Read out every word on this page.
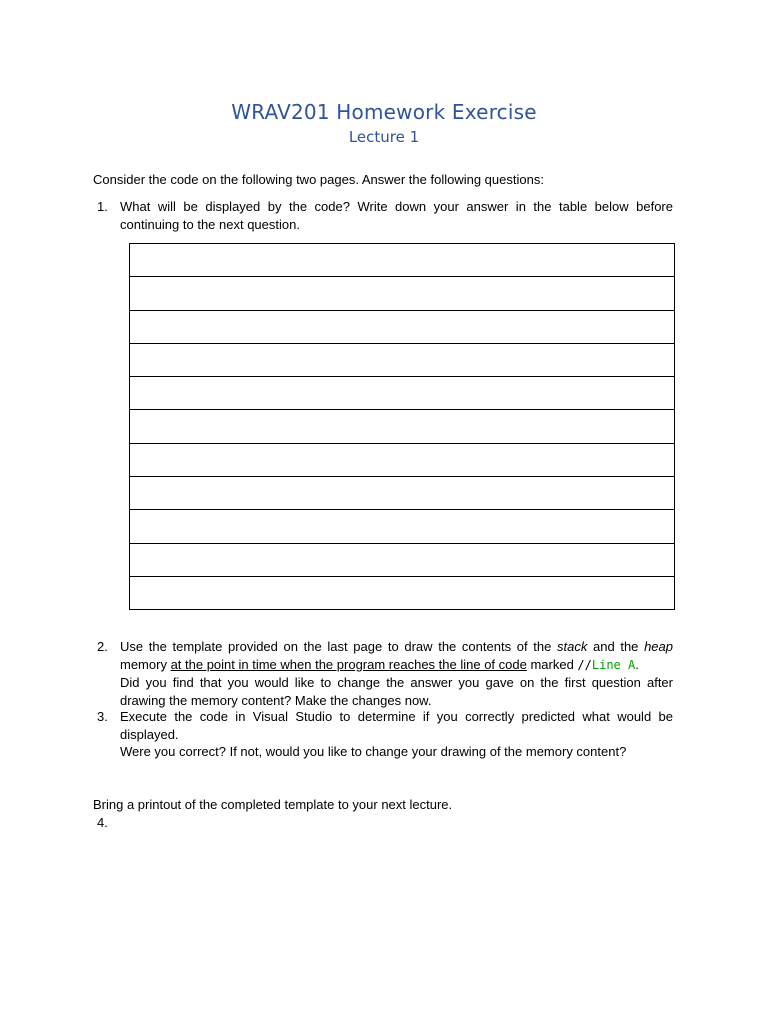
WRAV201 Homework Exercise
Lecture 1
Consider the code on the following two pages. Answer the following questions:
1. What will be displayed by the code? Write down your answer in the table below before continuing to the next question.

2. Use the template provided on the last page to draw the contents of the stack and the heap memory at the point in time when the program reaches the line of code marked //Line A.

Did you find that you would like to change the answer you gave on the first question after drawing the memory content? Make the changes now.

3. Execute the code in Visual Studio to determine if you correctly predicted what would be displayed.

Were you correct? If not, would you like to change your drawing of the memory content?

Bring a printout of the completed template to your next lecture.
4.
